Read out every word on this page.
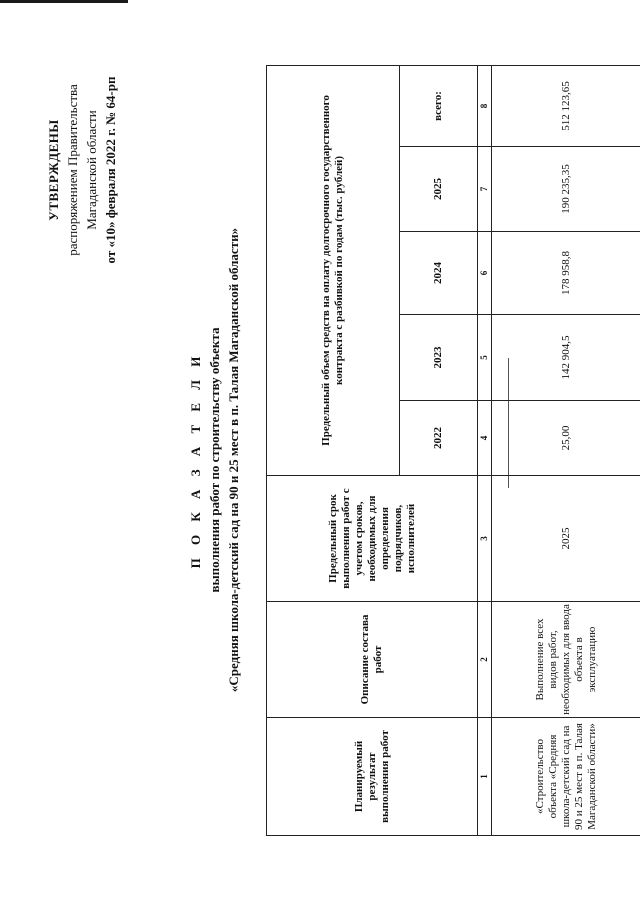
УТВЕРЖДЕНЫ распоряжением Правительства Магаданской области от «10» февраля 2022 г. № 64-рп
П О К А З А Т Е Л И выполнения работ по строительству объекта «Средняя школа-детский сад на 90 и 25 мест в п. Талая Магаданской области»
Планируемый результат выполнения работ	Описание состава работ	Предельный срок выполнения работ с учетом сроков, необходимых для определения подрядчиков, исполнителей	Предельный объем средств на оплату долгосрочного государственного контракта с разбивкой по годам (тыс. рублей)				
			2022	2023	2024	2025	всего:
1	2	3	4	5	6	7	8
«Строительство объекта «Средняя школа-детский сад на 90 и 25 мест в п. Талая Магаданской области»	Выполнение всех видов работ, необходимых для ввода объекта в эксплуатацию	2025	25,00	142 904,5	178 958,8	190 235,35	512 123,65
